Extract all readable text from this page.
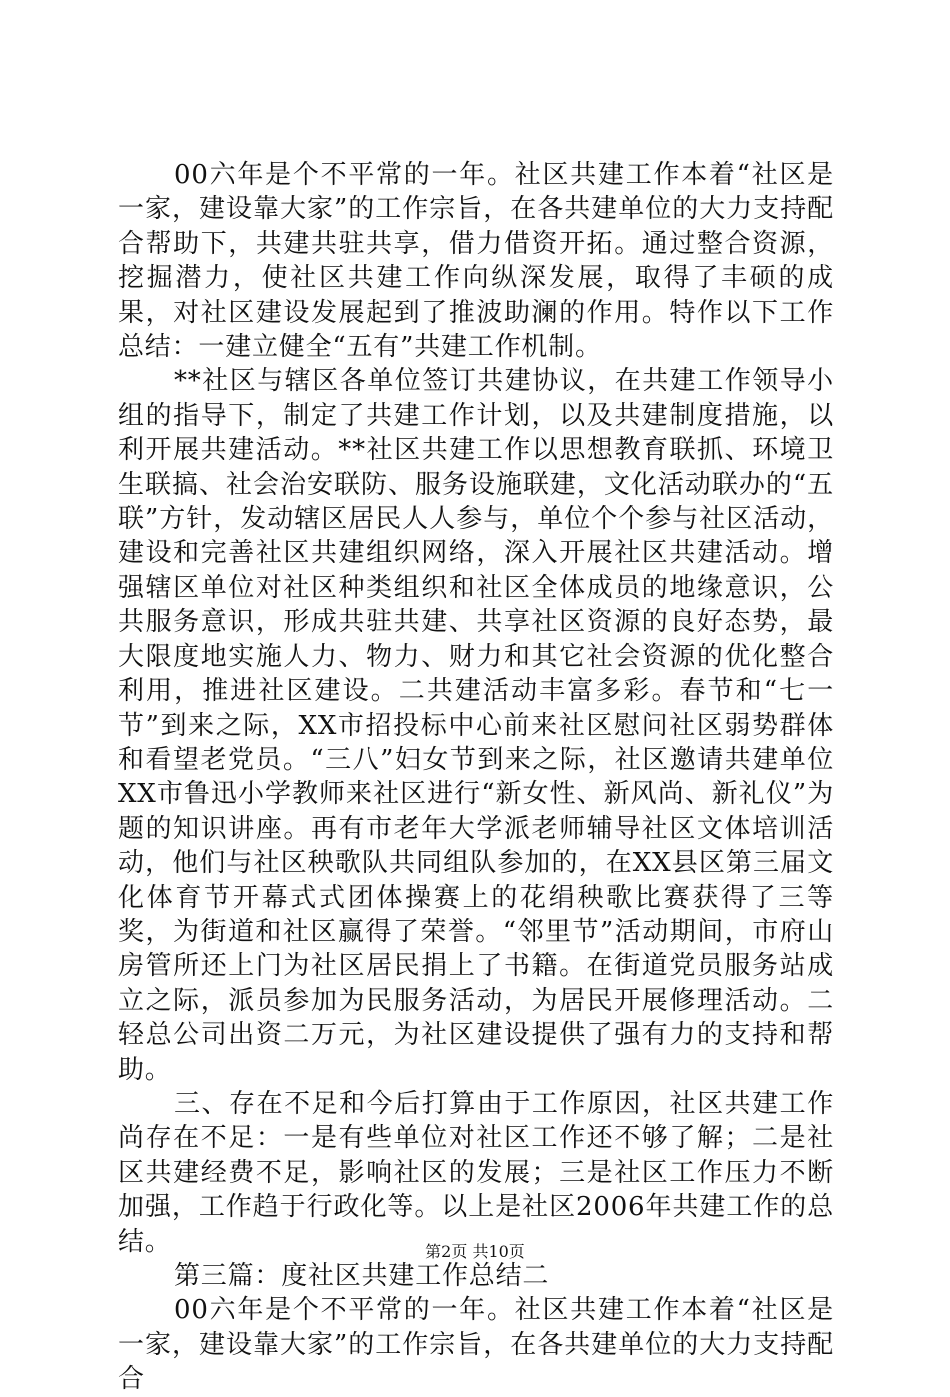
00六年是个不平常的一年。社区共建工作本着“社区是一家，建设靠大家”的工作宗旨，在各共建单位的大力支持配合帮助下，共建共驻共享，借力借资开拓。通过整合资源，挖掘潜力，使社区共建工作向纵深发展，取得了丰硕的成果，对社区建设发展起到了推波助澜的作用。特作以下工作总结：一建立健全“五有”共建工作机制。

**社区与辖区各单位签订共建协议，在共建工作领导小组的指导下，制定了共建工作计划，以及共建制度措施，以利开展共建活动。**社区共建工作以思想教育联抓、环境卫生联搞、社会治安联防、服务设施联建，文化活动联办的“五联”方针，发动辖区居民人人参与，单位个个参与社区活动，建设和完善社区共建组织网络，深入开展社区共建活动。增强辖区单位对社区种类组织和社区全体成员的地缘意识，公共服务意识，形成共驻共建、共享社区资源的良好态势，最大限度地实施人力、物力、财力和其它社会资源的优化整合利用，推进社区建设。二共建活动丰富多彩。春节和“七一节”到来之际，XX市招投标中心前来社区慰问社区弱势群体和看望老党员。“三八”妇女节到来之际，社区邀请共建单位XX市鲁迅小学教师来社区进行“新女性、新风尚、新礼仪”为题的知识讲座。再有市老年大学派老师辅导社区文体培训活动，他们与社区秧歌队共同组队参加的，在XX县区第三届文化体育节开幕式式团体操赛上的花绢秧歌比赛获得了三等奖，为街道和社区赢得了荣誉。“邻里节”活动期间，市府山房管所还上门为社区居民捐上了书籍。在街道党员服务站成立之际，派员参加为民服务活动，为居民开展修理活动。二轻总公司出资二万元，为社区建设提供了强有力的支持和帮助。

三、存在不足和今后打算由于工作原因，社区共建工作尚存在不足：一是有些单位对社区工作还不够了解；二是社区共建经费不足，影响社区的发展；三是社区工作压力不断加强，工作趋于行政化等。以上是社区2006年共建工作的总结。

第三篇：度社区共建工作总结二

00六年是个不平常的一年。社区共建工作本着“社区是一家，建设靠大家”的工作宗旨，在各共建单位的大力支持配合

第2页 共10页
